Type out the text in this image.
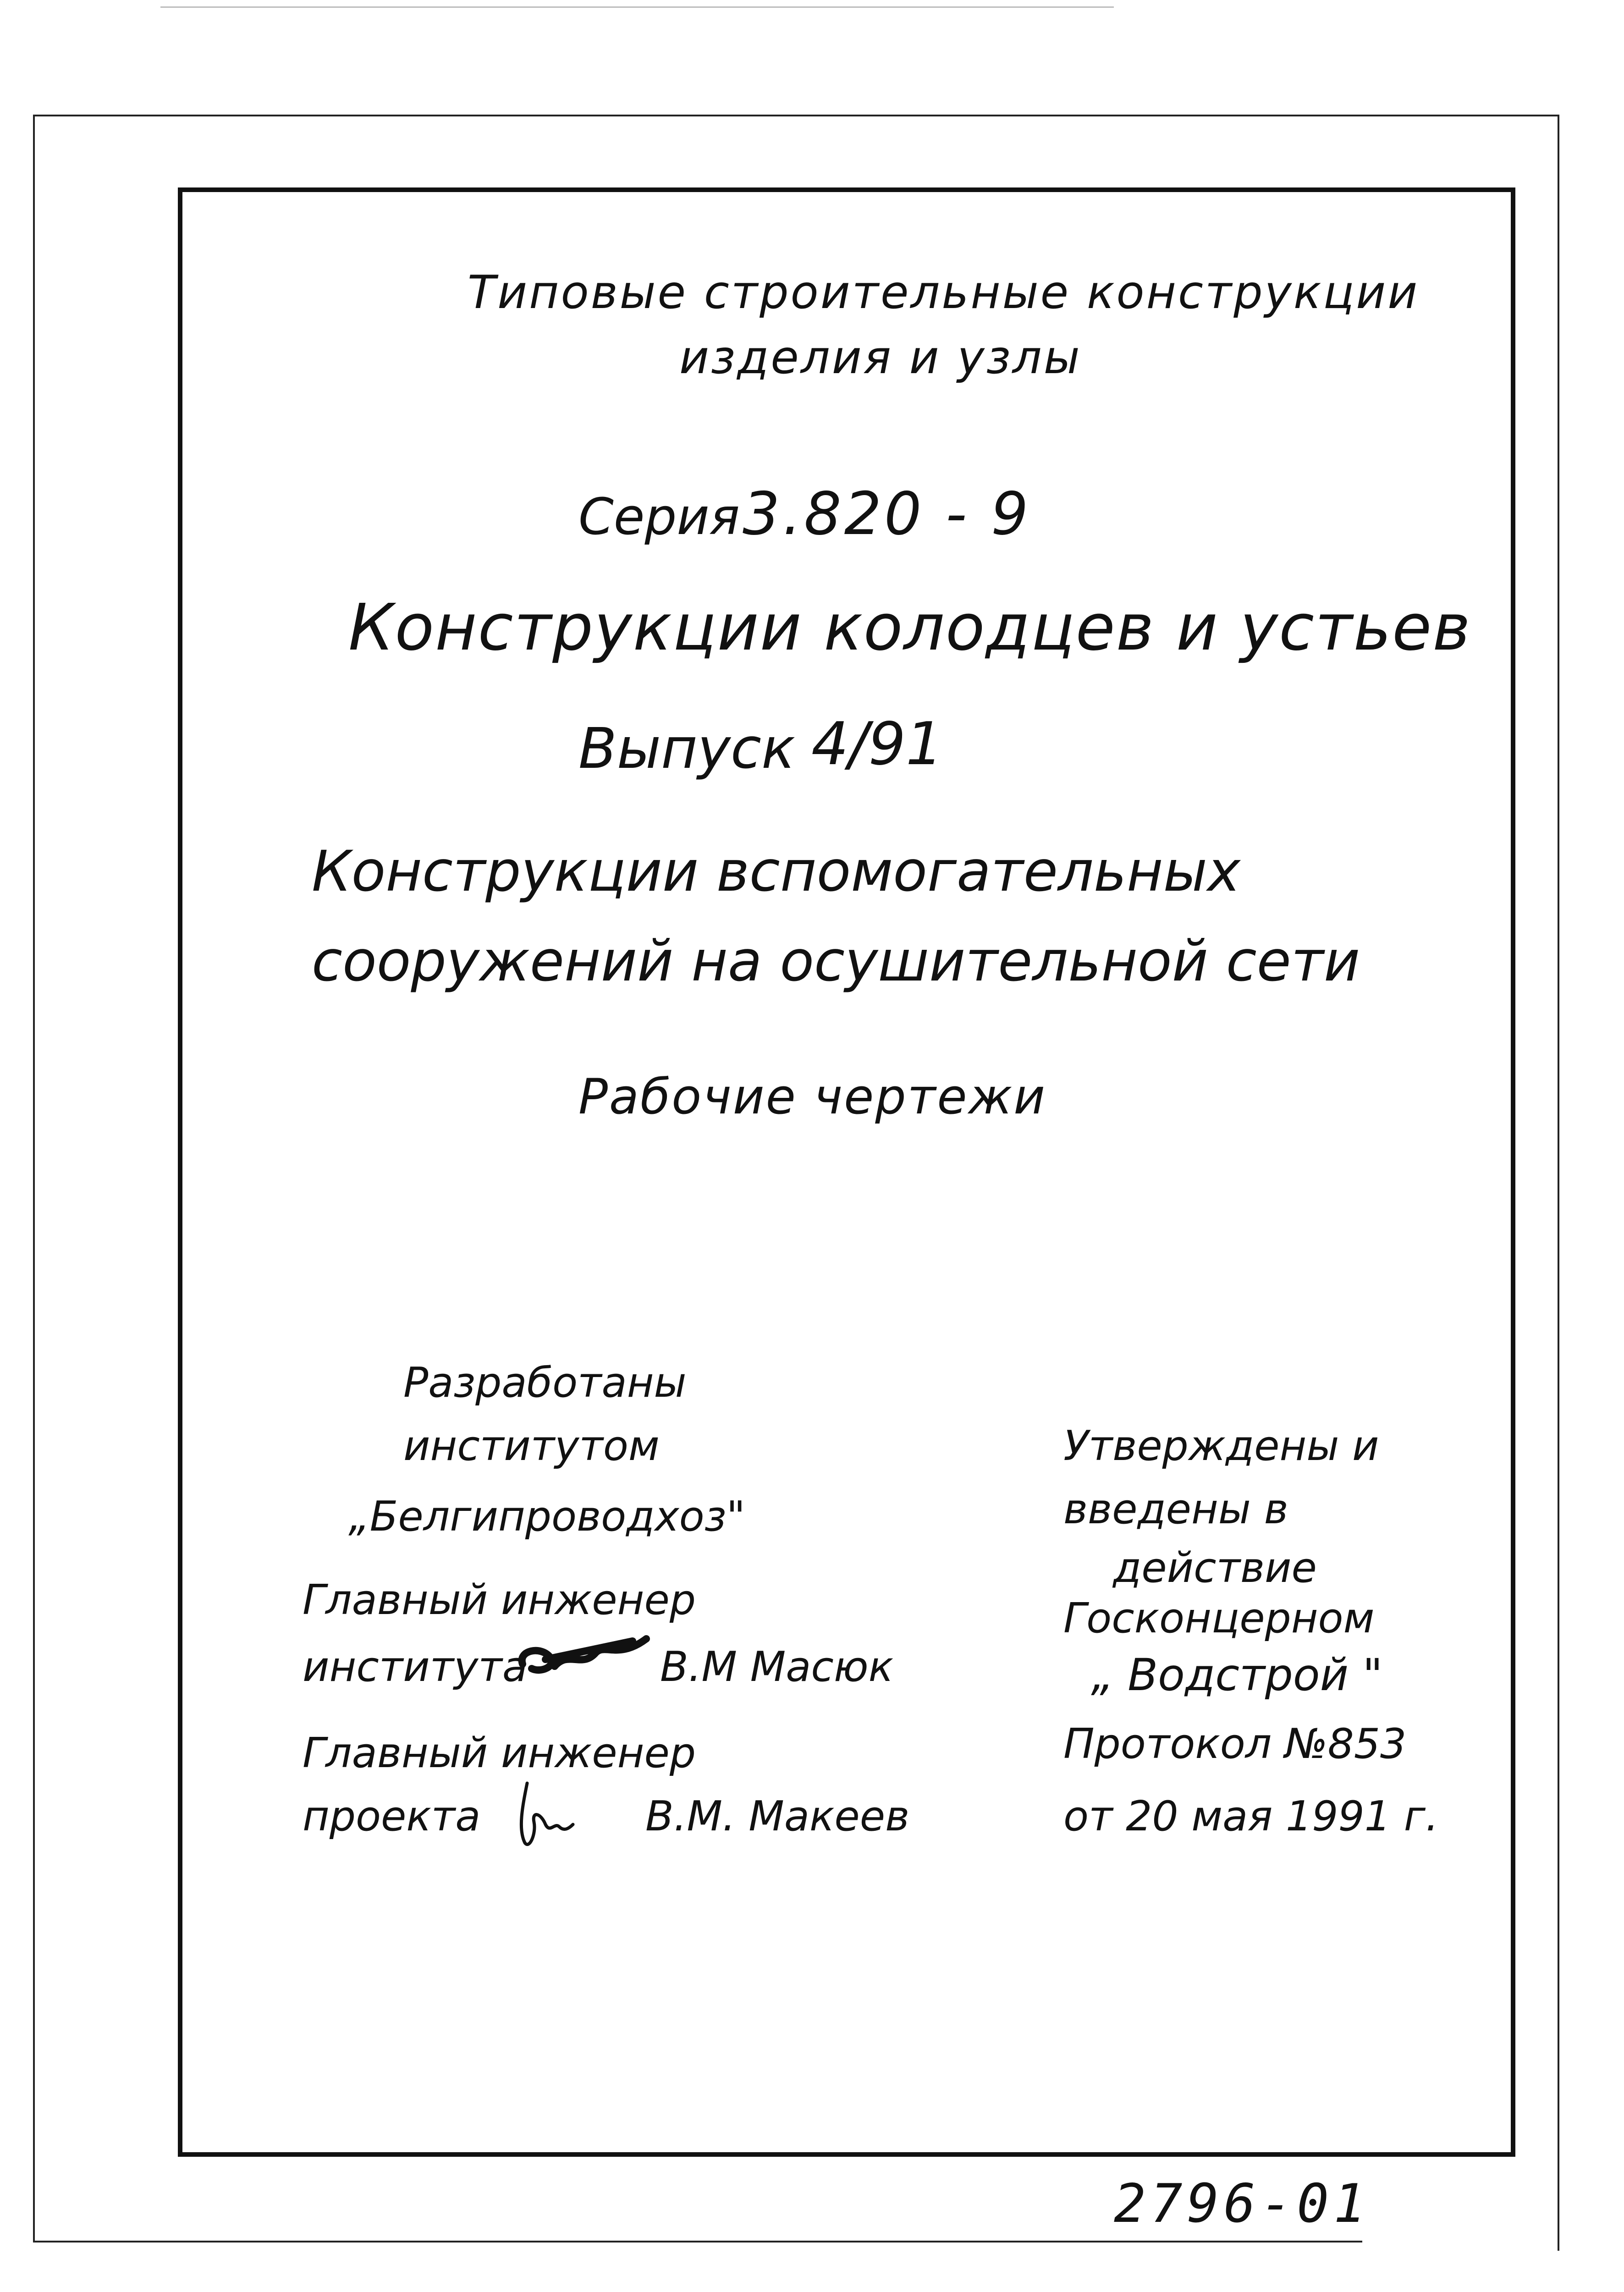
Типовые строительные конструкции
изделия и узлы
Серия 3.820 - 9
Конструкции колодцев и устьев
Выпуск 4/91
Конструкции вспомогательных
сооружений на осушительной сети
Рабочие чертежи
Разработаны
институтом
„Белгипроводхоз"
Главный инженер
института	В.М Масюк
Главный инженер
проекта	В.М. Макеев
Утверждены и
введены в
действие
Госконцерном
„ Водстрой "
Протокол №853
от 20 мая 1991 г.
2796-01
